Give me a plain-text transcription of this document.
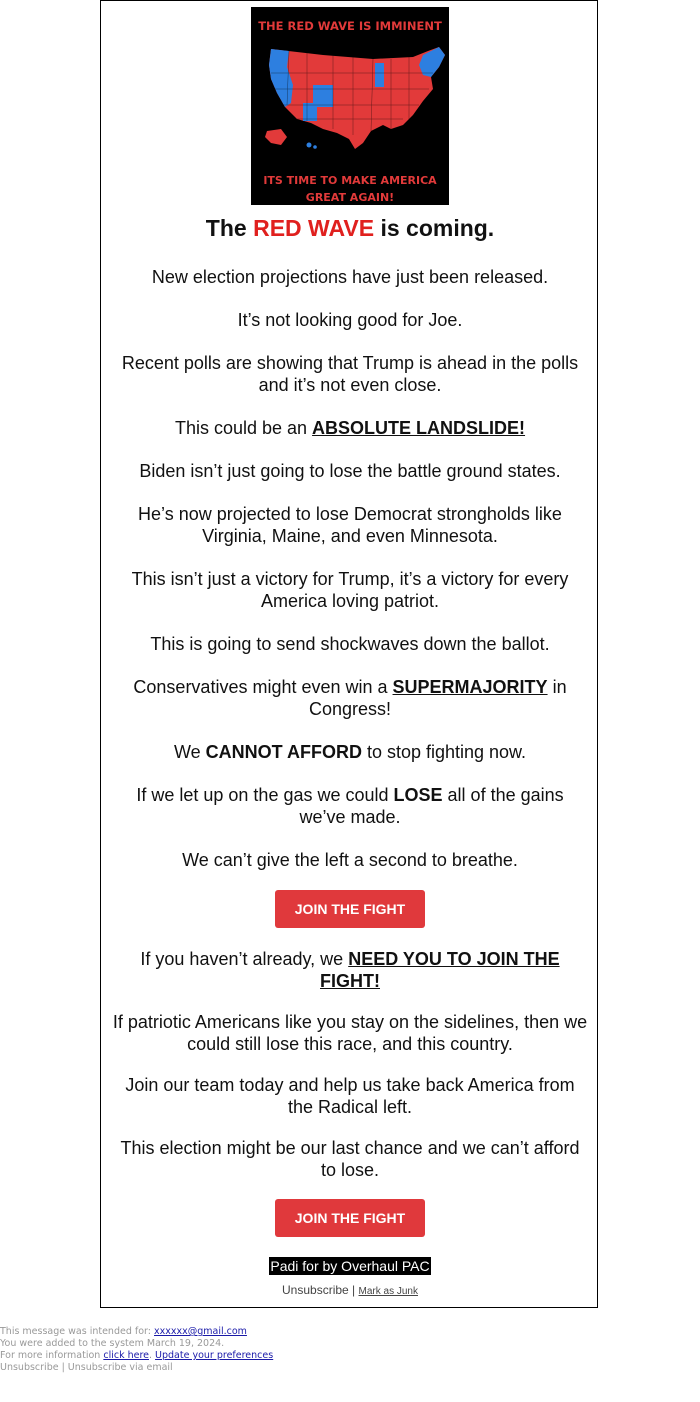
THE RED WAVE IS IMMINENT
ITS TIME TO MAKE AMERICA
GREAT AGAIN!
The RED WAVE is coming.
New election projections have just been released.
It’s not looking good for Joe.
Recent polls are showing that Trump is ahead in the polls and it’s not even close.
This could be an ABSOLUTE LANDSLIDE!
Biden isn’t just going to lose the battle ground states.
He’s now projected to lose Democrat strongholds like Virginia, Maine, and even Minnesota.
This isn’t just a victory for Trump, it’s a victory for every America loving patriot.
This is going to send shockwaves down the ballot.
Conservatives might even win a SUPERMAJORITY in Congress!
We CANNOT AFFORD to stop fighting now.
If we let up on the gas we could LOSE all of the gains we’ve made.
We can’t give the left a second to breathe.
JOIN THE FIGHT
If you haven’t already, we NEED YOU TO JOIN THE FIGHT!
If patriotic Americans like you stay on the sidelines, then we could still lose this race, and this country.
Join our team today and help us take back America from the Radical left.
This election might be our last chance and we can’t afford to lose.
JOIN THE FIGHT
Padi for by Overhaul PAC
Unsubscribe | Mark as Junk
This message was intended for: xxxxxx@gmail.com
You were added to the system March 19, 2024.
For more information click here. Update your preferences
Unsubscribe | Unsubscribe via email
